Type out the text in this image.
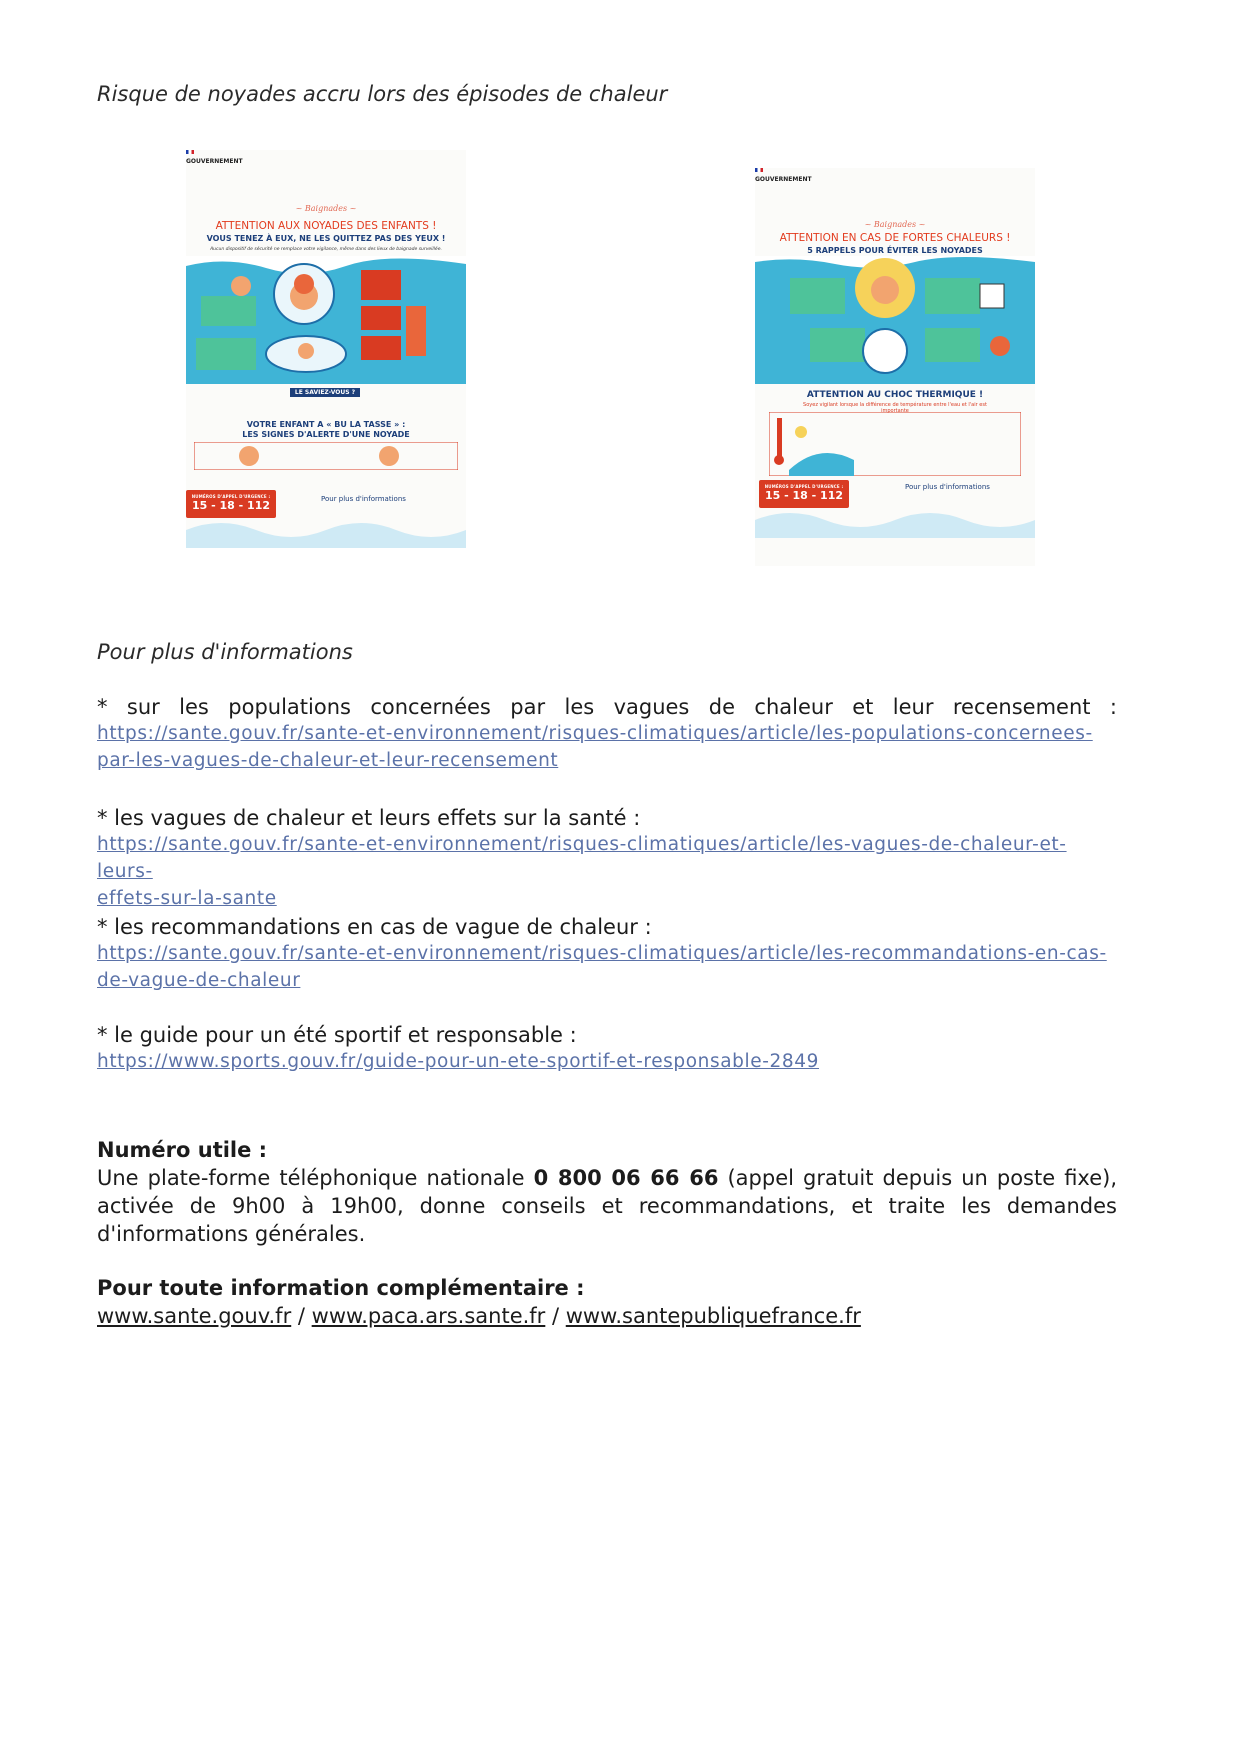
Risque de noyades accru lors des épisodes de chaleur

GOUVERNEMENT
~ Baignades ~
ATTENTION AUX NOYADES DES ENFANTS !
VOUS TENEZ À EUX, NE LES QUITTEZ PAS DES YEUX !
Aucun dispositif de sécurité ne remplace votre vigilance, même dans des lieux de baignade surveillée.
LE SAVIEZ-VOUS ?
VOTRE ENFANT A « BU LA TASSE » :
LES SIGNES D'ALERTE D'UNE NOYADE
NUMÉROS D'APPEL D'URGENCE :
15 - 18 - 112	Pour plus d'informations

GOUVERNEMENT
~ Baignades ~
ATTENTION EN CAS DE FORTES CHALEURS !
5 RAPPELS POUR ÉVITER LES NOYADES
ATTENTION AU CHOC THERMIQUE !
Soyez vigilant lorsque la différence de température entre l'eau et l'air est importante
NUMÉROS D'APPEL D'URGENCE :
15 - 18 - 112
Pour plus d'informations
Pour plus d'informations
* sur les populations concernées par les vagues de chaleur et leur recensement :
https://sante.gouv.fr/sante-et-environnement/risques-climatiques/article/les-populations-concernees-
par-les-vagues-de-chaleur-et-leur-recensement
* les vagues de chaleur et leurs effets sur la santé :
https://sante.gouv.fr/sante-et-environnement/risques-climatiques/article/les-vagues-de-chaleur-et-leurs-
effets-sur-la-sante
* les recommandations en cas de vague de chaleur :
https://sante.gouv.fr/sante-et-environnement/risques-climatiques/article/les-recommandations-en-cas-
de-vague-de-chaleur
* le guide pour un été sportif et responsable :
https://www.sports.gouv.fr/guide-pour-un-ete-sportif-et-responsable-2849
Numéro utile :
Une plate-forme téléphonique nationale 0 800 06 66 66 (appel gratuit depuis un poste fixe),
activée de 9h00 à 19h00, donne conseils et recommandations, et traite les demandes
d'informations générales.
Pour toute information complémentaire :
www.sante.gouv.fr / www.paca.ars.sante.fr / www.santepubliquefrance.fr
